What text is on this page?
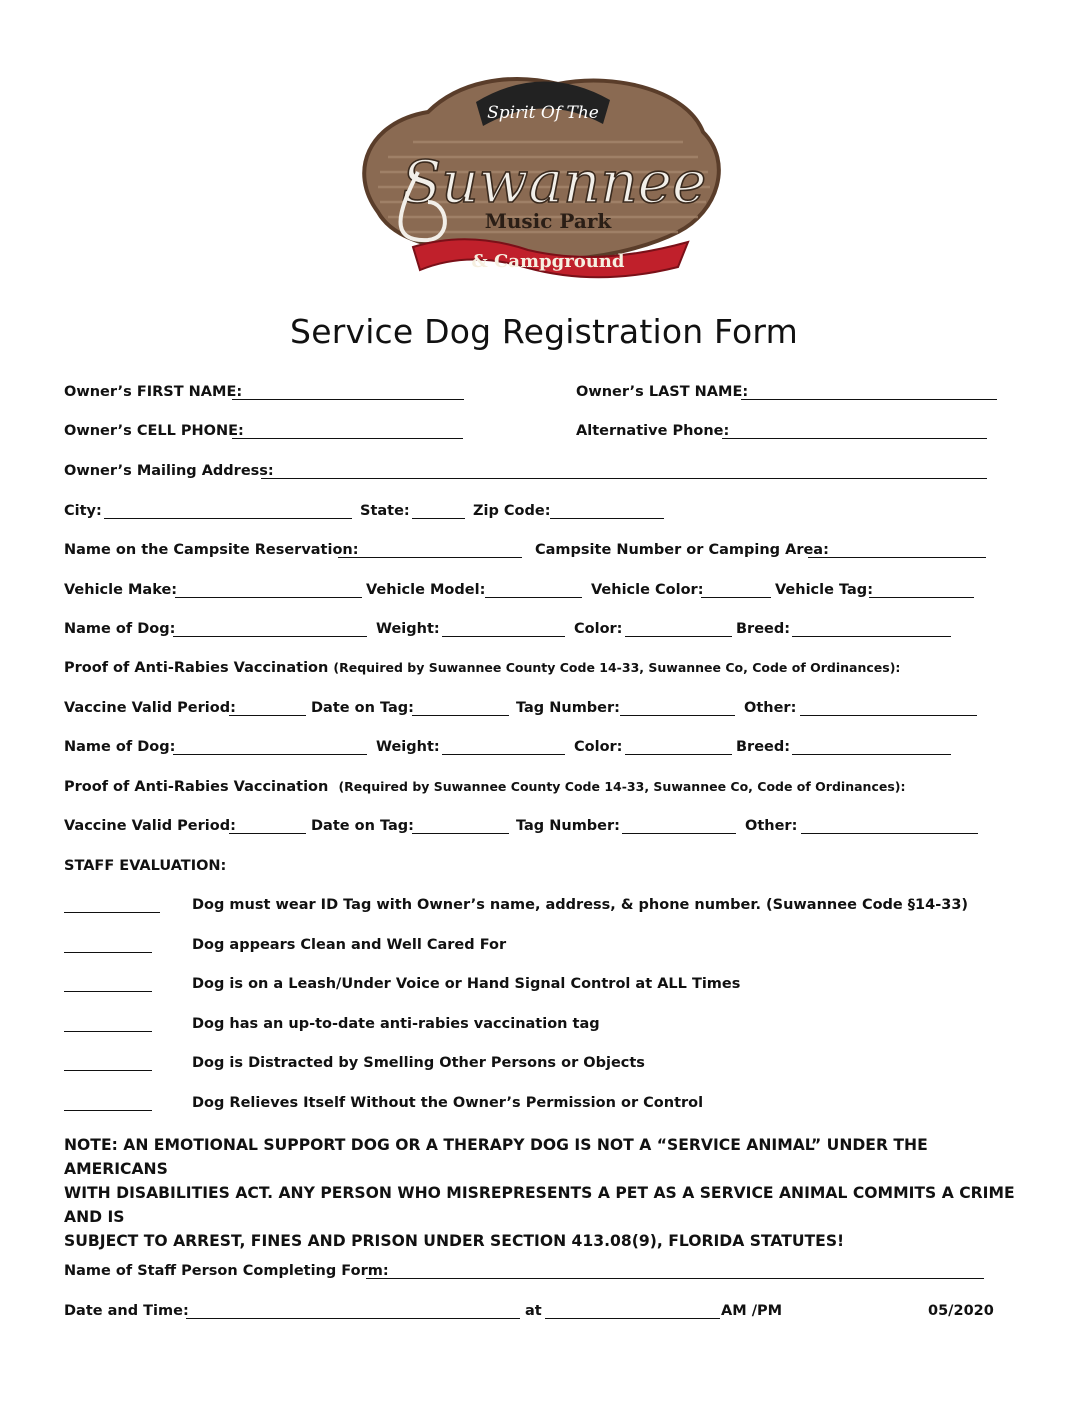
Spirit Of The
Suwannee
Music Park
& Campground
Service Dog Registration Form
Owner’s FIRST NAME:	Owner’s LAST NAME:
Owner’s CELL PHONE:	Alternative Phone:
Owner’s Mailing Address:
City:	State:	Zip Code:
Name on the Campsite Reservation:	Campsite Number or Camping Area:
Vehicle Make:	Vehicle Model:	Vehicle Color:	Vehicle Tag:
Name of Dog:	Weight:	Color:	Breed:
Proof of Anti-Rabies Vaccination (Required by Suwannee County Code 14-33, Suwannee Co, Code of Ordinances):
Vaccine Valid Period:	Date on Tag:	Tag Number:	Other:
Name of Dog:	Weight:	Color:	Breed:
Proof of Anti-Rabies Vaccination (Required by Suwannee County Code 14-33, Suwannee Co, Code of Ordinances):
Vaccine Valid Period:	Date on Tag:	Tag Number:	Other:
STAFF EVALUATION:
Dog must wear ID Tag with Owner’s name, address, & phone number. (Suwannee Code §14-33)
Dog appears Clean and Well Cared For
Dog is on a Leash/Under Voice or Hand Signal Control at ALL Times
Dog has an up-to-date anti-rabies vaccination tag
Dog is Distracted by Smelling Other Persons or Objects
Dog Relieves Itself Without the Owner’s Permission or Control

NOTE: AN EMOTIONAL SUPPORT DOG OR A THERAPY DOG IS NOT A “SERVICE ANIMAL” UNDER THE AMERICANS

WITH DISABILITIES ACT. ANY PERSON WHO MISREPRESENTS A PET AS A SERVICE ANIMAL COMMITS A CRIME AND IS

SUBJECT TO ARREST, FINES AND PRISON UNDER SECTION 413.08(9), FLORIDA STATUTES!

Name of Staff Person Completing Form:
Date and Time:	at	AM /PM	05/2020
